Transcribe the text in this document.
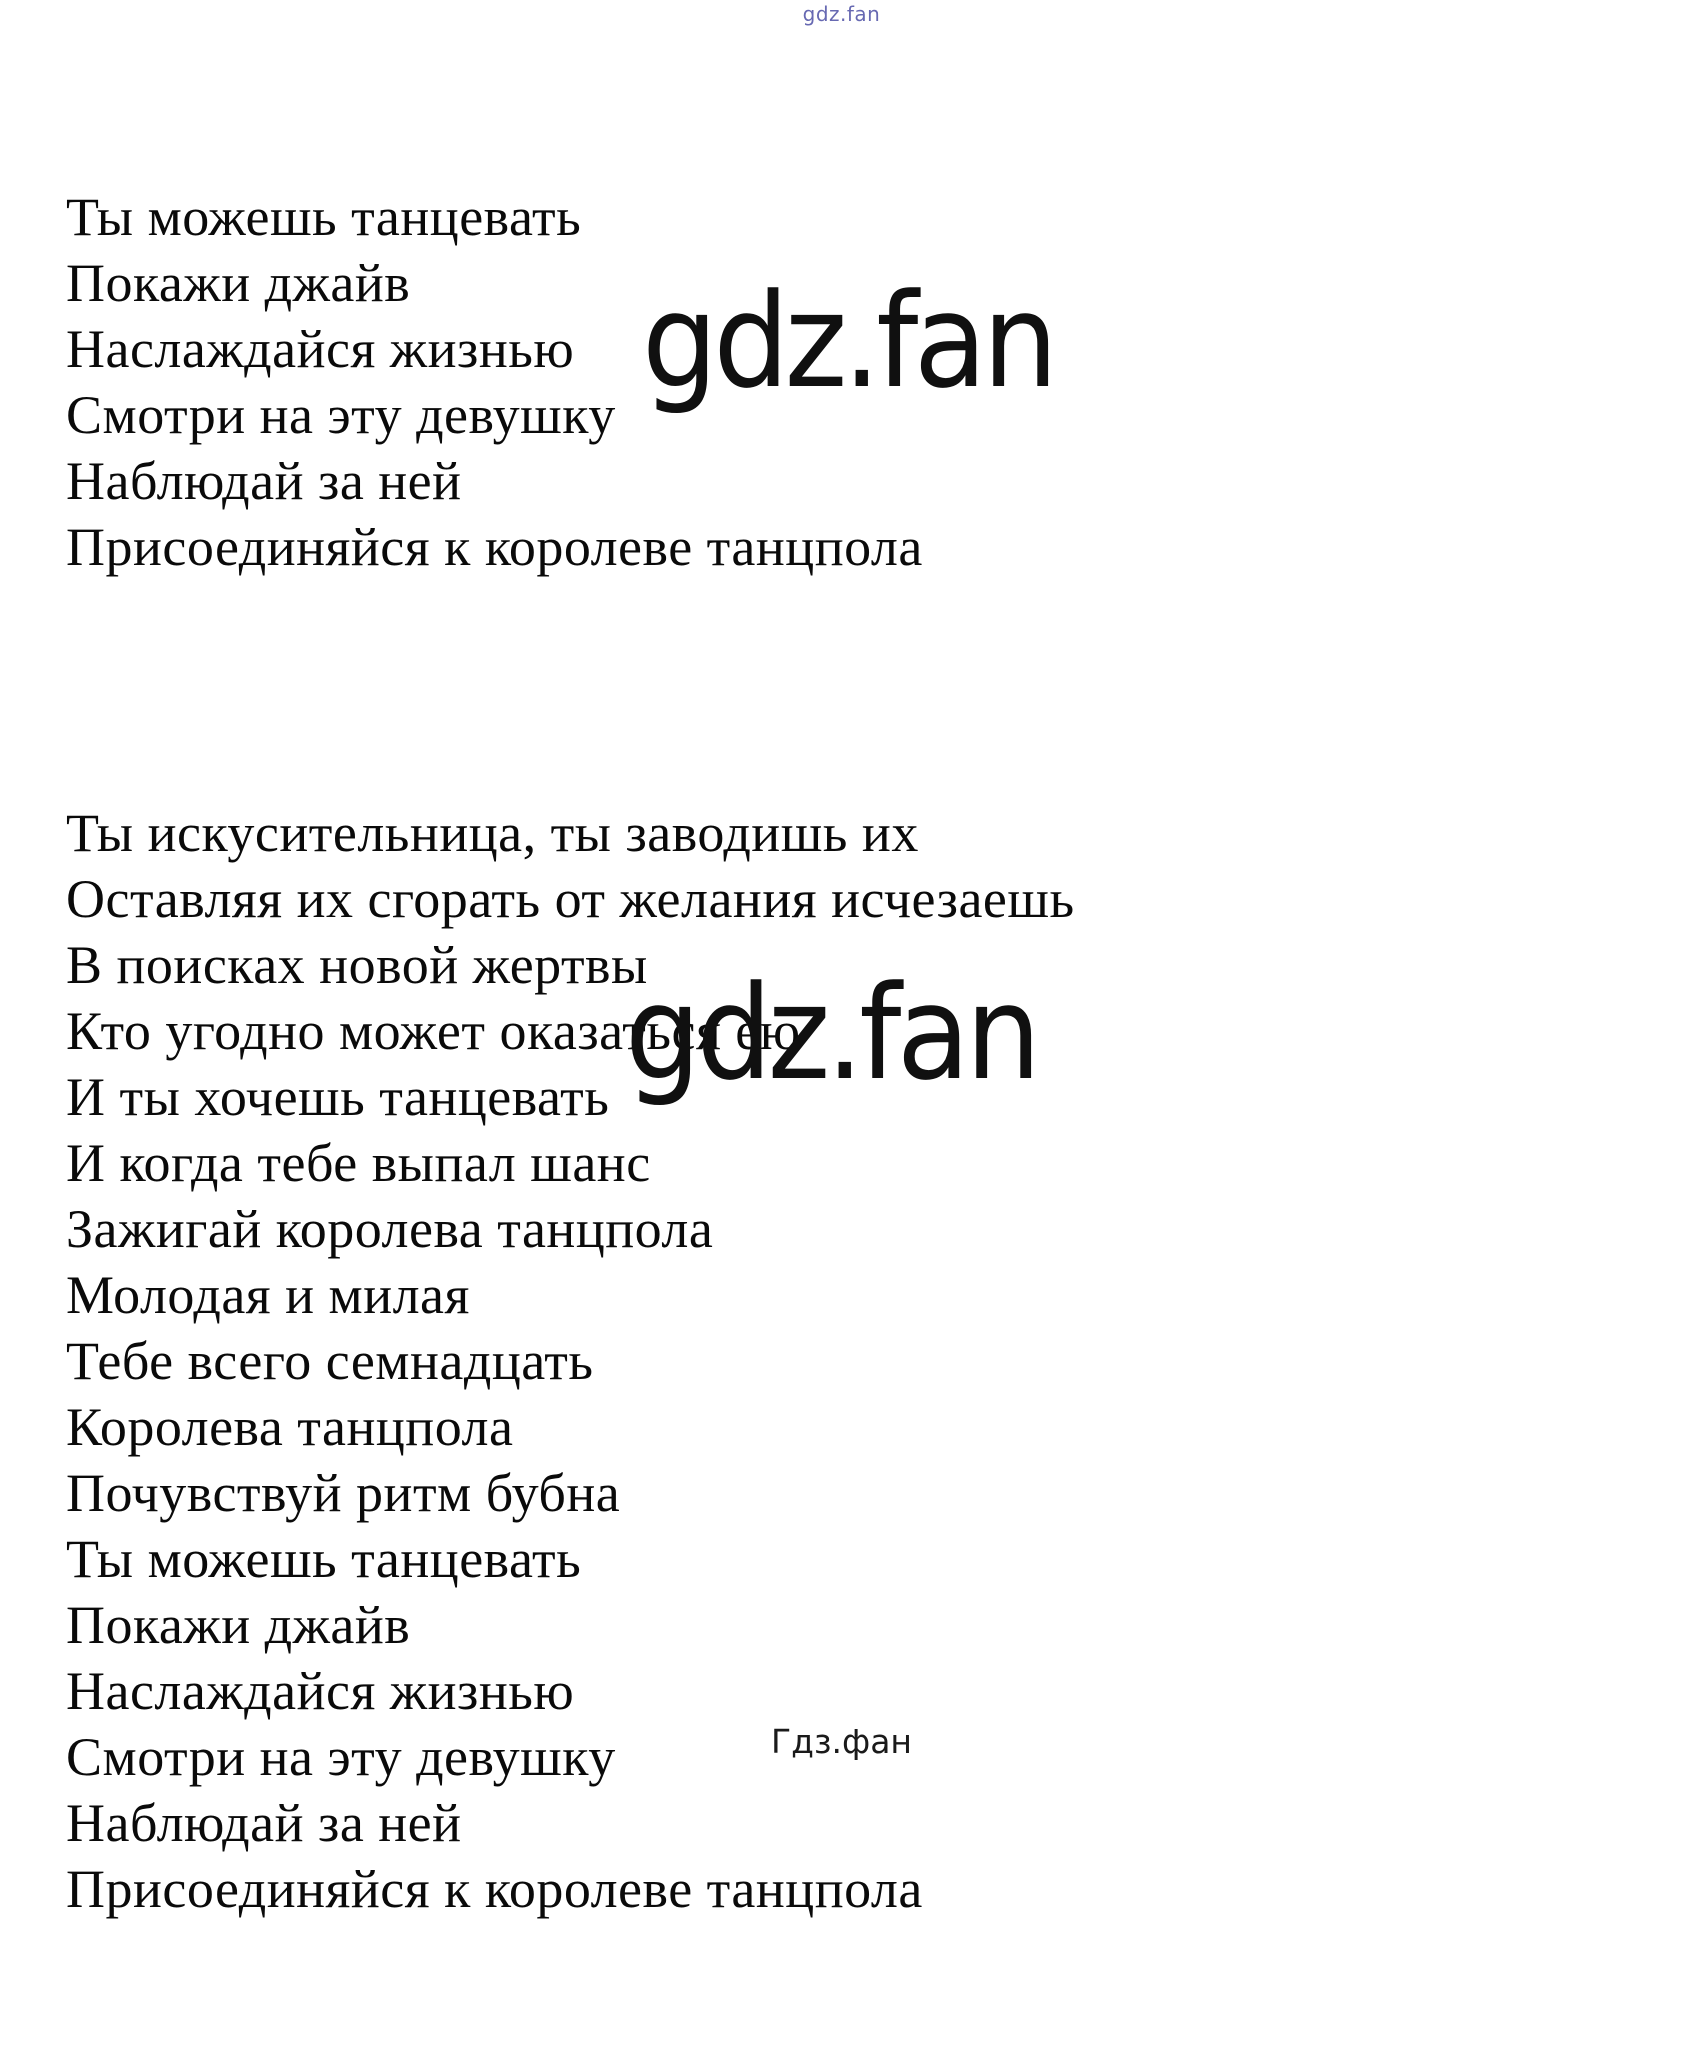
gdz.fan

Ты можешь танцевать
Покажи джайв
Наслаждайся жизнью
Смотри на эту девушку
Наблюдай за ней
Присоединяйся к королеве танцпола

Ты искусительница, ты заводишь их
Оставляя их сгорать от желания исчезаешь
В поисках новой жертвы
Кто угодно может оказаться ею
И ты хочешь танцевать
И когда тебе выпал шанс
Зажигай королева танцпола
Молодая и милая
Тебе всего семнадцать
Королева танцпола
Почувствуй ритм бубна
Ты можешь танцевать
Покажи джайв
Наслаждайся жизнью
Смотри на эту девушку
Наблюдай за ней
Присоединяйся к королеве танцпола

gdz.fan
gdz.fan
Гдз.фан
